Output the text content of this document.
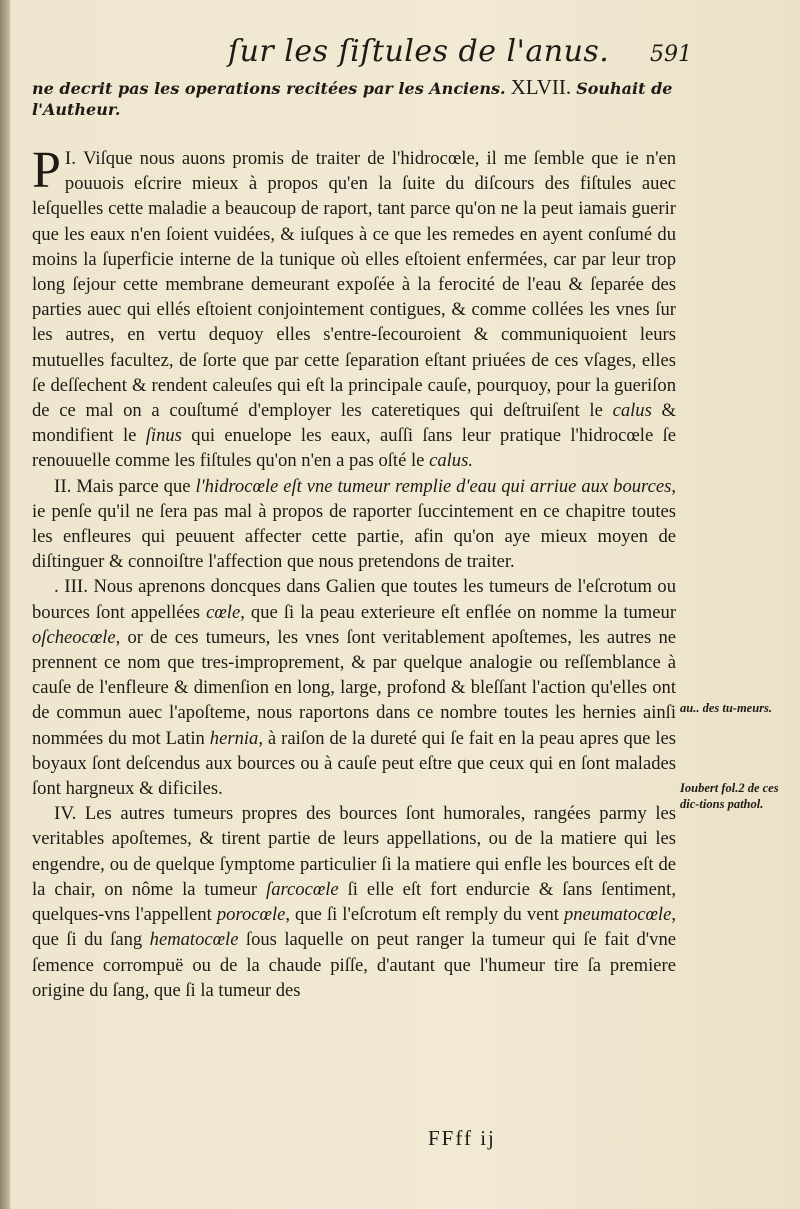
ſur les ſiſtules de l'anus. 591
ne decrit pas les operations recitées par les Anciens. XLVII. Souhait de l'Autheur.

I.
P Viſque nous auons promis de traiter de l'hidrocœle, il me ſemble que ie n'en pouuois eſcrire mieux à propos qu'en la ſuite du diſcours des fiſtules auec leſquelles cette maladie a beaucoup de raport, tant parce qu'on ne la peut iamais guerir que les eaux n'en ſoient vuidées, & iuſques à ce que les remedes en ayent conſumé du moins la ſuperficie interne de la tunique où elles eſtoient enfermées, car par leur trop long ſejour cette membrane demeurant expoſée à la ferocité de l'eau & ſeparée des parties auec qui ellés eſtoient conjointement contigues, & comme collées les vnes ſur les autres, en vertu dequoy elles s'entre-ſecouroient & communiquoient leurs mutuelles facultez, de ſorte que par cette ſeparation eſtant priuées de ces vſages, elles ſe deſſechent & rendent caleuſes qui eſt la principale cauſe, pourquoy, pour la gueriſon de ce mal on a couſtumé d'employer les cateretiques qui deſtruiſent le calus & mondifient le ſinus qui enuelope les eaux, auſſi ſans leur pratique l'hidrocœle ſe renouuelle comme les fiſtules qu'on n'en a pas oſté le calus.

II. Mais parce que l'hidrocœle eſt vne tumeur remplie d'eau qui arriue aux bources, ie penſe qu'il ne ſera pas mal à propos de raporter ſuccintement en ce chapitre toutes les enfleures qui peuuent affecter cette partie, afin qu'on aye mieux moyen de diſtinguer & connoiſtre l'affection que nous pretendons de traiter.

. III. Nous aprenons doncques dans Galien que toutes les tumeurs de l'eſcrotum ou bources ſont appellées cœle, que ſi la peau exterieure eſt enflée on nomme la tumeur oſcheocœle, or de ces tumeurs, les vnes ſont veritablement apoſtemes, les autres ne prennent ce nom que tres-improprement, & par quelque analogie ou reſſemblance à cauſe de l'enfleure & dimenſion en long, large, profond & bleſſant l'action qu'elles ont de commun auec l'apoſteme, nous raportons dans ce nombre toutes les hernies ainſi nommées du mot Latin hernia, à raiſon de la dureté qui ſe fait en la peau apres que les boyaux ſont deſcendus aux bources ou à cauſe peut eſtre que ceux qui en ſont malades ſont hargneux & dificiles.

IV. Les autres tumeurs propres des bources ſont humorales, rangées parmy les veritables apoſtemes, & tirent partie de leurs appellations, ou de la matiere qui les engendre, ou de quelque ſymptome particulier ſi la matiere qui enfle les bources eſt de la chair, on nôme la tumeur ſarcocœle ſi elle eſt fort endurcie & ſans ſentiment, quelques-vns l'appellent porocœle, que ſi l'eſcrotum eſt remply du vent pneumatocœle, que ſi du ſang hematocœle ſous laquelle on peut ranger la tumeur qui ſe fait d'vne ſemence corrompuë ou de la chaude piſſe, d'autant que l'humeur tire ſa premiere origine du ſang, que ſi la tumeur des

au.. des tu-meurs.
Ioubert fol.2 de ces dic-tions pathol.
FFff ij
